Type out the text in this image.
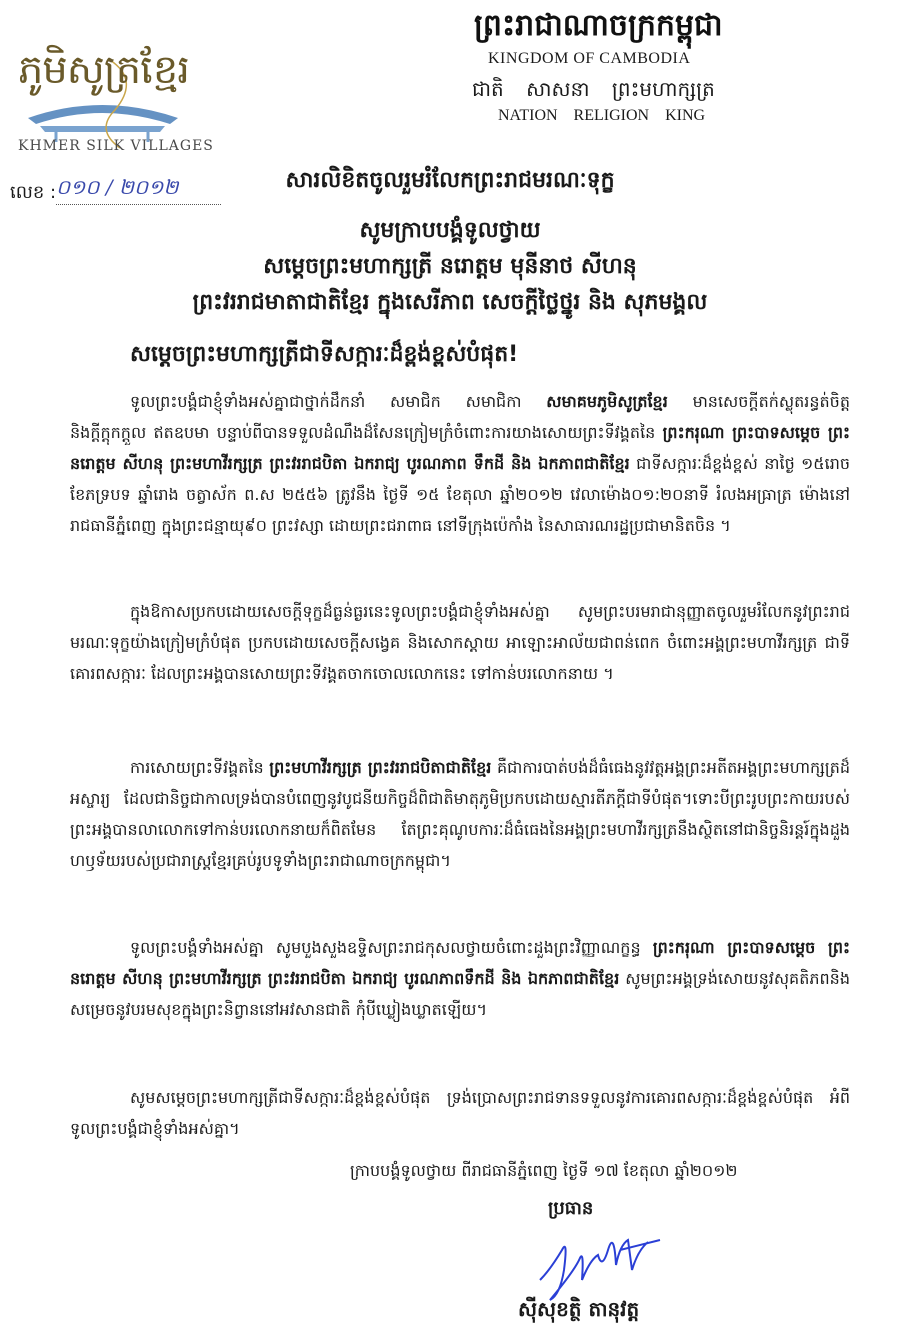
ភូមិសូត្រខ្មែរ
KHMER SILK VILLAGES
ព្រះរាជាណាចក្រកម្ពុជា
KINGDOM OF CAMBODIA
ជាតិ សាសនា ព្រះមហាក្សត្រ
NATION RELIGION KING
លេខ : ០១០ / ២០១២	សារលិខិតចូលរួមរំលែកព្រះរាជមរណៈទុក្ខ
សូមក្រាបបង្គំទូលថ្វាយ
សម្តេចព្រះមហាក្សត្រី នរោត្តម មុនីនាថ សីហនុ
ព្រះវររាជមាតាជាតិខ្មែរ ក្នុងសេរីភាព សេចក្តីថ្លៃថ្នូរ និង សុភមង្គល
សម្តេចព្រះមហាក្សត្រីជាទីសក្ការៈដ៏ខ្ពង់ខ្ពស់បំផុត!
ទូលព្រះបង្គំជាខ្ញុំទាំងអស់គ្នាជាថ្នាក់ដឹកនាំ សមាជិក សមាជិកា សមាគមភូមិសូត្រខ្មែរ មានសេចក្តីតក់ស្លុតរន្ធត់ចិត្ត និងក្តីក្តុកក្តួល ឥតឧបមា បន្ទាប់ពីបានទទួលដំណឹងដ៏សែនក្រៀមក្រំចំពោះការយាងសោយព្រះទីវង្គតនៃ ព្រះករុណា ព្រះបាទសម្តេច ព្រះនរោត្តម សីហនុ ព្រះមហាវីរក្សត្រ ព្រះវររាជបិតា ឯករាជ្យ បូរណភាព ទឹកដី និង ឯកភាពជាតិខ្មែរ ជាទីសក្ការៈដ៏ខ្ពង់ខ្ពស់ នាថ្ងៃ ១៥រោច ខែភទ្របទ ឆ្នាំរោង ចត្វាស័ក ព.ស ២៥៥៦ ត្រូវនឹង ថ្ងៃទី ១៥ ខែតុលា ឆ្នាំ២០១២ វេលាម៉ោង០១:២០នាទី រំលងអធ្រាត្រ ម៉ោងនៅរាជធានីភ្នំពេញ ក្នុងព្រះជន្មាយុ៩០ ព្រះវស្សា ដោយព្រះជរាពាធ នៅទីក្រុងប៉េកាំង នៃសាធារណរដ្ឋប្រជាមានិតចិន ។
ក្នុងឱកាសប្រកបដោយសេចក្តីទុក្ខដ៏ធ្ងន់ធ្ងរនេះទូលព្រះបង្គំជាខ្ញុំទាំងអស់គ្នា សូមព្រះបរមរាជានុញ្ញាតចូលរួមរំលែកនូវព្រះរាជមរណៈទុក្ខយ៉ាងក្រៀមក្រំបំផុត ប្រកបដោយសេចក្តីសង្វេគ និងសោកស្តាយ អាឡោះអាល័យជាពន់ពេក ចំពោះអង្គព្រះមហាវីរក្សត្រ ជាទីគោរពសក្ការៈ ដែលព្រះអង្គបានសោយព្រះទីវង្គតចាកចោលលោកនេះ ទៅកាន់បរលោកនាយ ។
ការសោយព្រះទីវង្គតនៃ ព្រះមហាវីរក្សត្រ ព្រះវររាជបិតាជាតិខ្មែរ គឺជាការបាត់បង់ដ៏ធំធេងនូវវត្តអង្គព្រះអតីតអង្គព្រះមហាក្សត្រដ៏អស្ចារ្យ ដែលជានិច្ចជាកាលទ្រង់បានបំពេញនូវបូជនីយកិច្ចដ៏ពិជាតិមាតុភូមិប្រកបដោយស្មារតីភក្តីជាទីបំផុត។ទោះបីព្រះរូបព្រះកាយរបស់ព្រះអង្គបានលាលោកទៅកាន់បរលោកនាយក៏ពិតមែន តែព្រះគុណូបការៈដ៏ធំធេងនៃអង្គព្រះមហាវីរក្សត្រនឹងស្ថិតនៅជានិច្ចនិរន្តរ៍ក្នុងដួងហឫទ័យរបស់ប្រជារាស្ត្រខ្មែរគ្រប់រូបទូទាំងព្រះរាជាណាចក្រកម្ពុជា។
ទូលព្រះបង្គំទាំងអស់គ្នា សូមបួងសួងឧទ្ទិសព្រះរាជកុសលថ្វាយចំពោះដួងព្រះវិញ្ញាណក្ខន្ធ ព្រះករុណា ព្រះបាទសម្តេច ព្រះនរោត្តម សីហនុ ព្រះមហាវីរក្សត្រ ព្រះវររាជបិតា ឯករាជ្យ បូរណភាពទឹកដី និង ឯកភាពជាតិខ្មែរ សូមព្រះអង្គទ្រង់សោយនូវសុគតិភពនិងសម្រេចនូវបរមសុខក្នុងព្រះនិព្វាននៅអវសានជាតិ កុំបីឃ្លៀងឃ្លាតឡើយ។
សូមសម្តេចព្រះមហាក្សត្រីជាទីសក្ការៈដ៏ខ្ពង់ខ្ពស់បំផុត ទ្រង់ប្រោសព្រះរាជទានទទួលនូវការគោរពសក្ការៈដ៏ខ្ពង់ខ្ពស់បំផុត អំពីទូលព្រះបង្គំជាខ្ញុំទាំងអស់គ្នា។
ក្រាបបង្គំទូលថ្វាយ ពីរាជធានីភ្នំពេញ ថ្ងៃទី ១៧ ខែតុលា ឆ្នាំ២០១២
ប្រធាន
ស៊ីសុខត្ថិ តានុវត្ត
